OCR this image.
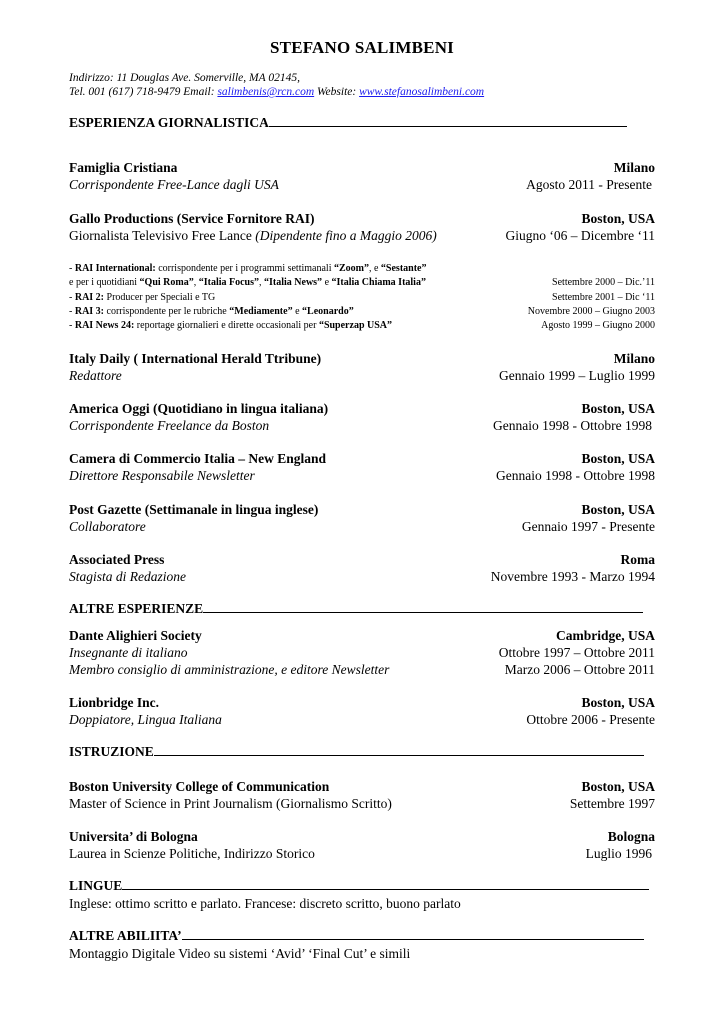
STEFANO SALIMBENI
Indirizzo: 11 Douglas Ave. Somerville, MA 02145,
Tel. 001 (617) 718-9479 Email: salimbenis@rcn.com Website: www.stefanosalimbeni.com
ESPERIENZA GIORNALISTICA
Famiglia Cristiana	Milano
Corrispondente Free-Lance dagli USA	Agosto 2011 - Presente
Gallo Productions (Service Fornitore RAI)	Boston, USA
Giornalista Televisivo Free Lance (Dipendente fino a Maggio 2006)	Giugno ‘06 – Dicembre ‘11
- RAI International: corrispondente per i programmi settimanali “Zoom”, e “Sestante”
e per i quotidiani “Qui Roma”, “Italia Focus”, “Italia News” e “Italia Chiama Italia”	Settembre 2000 – Dic.’11
- RAI 2: Producer per Speciali e TG	Settembre 2001 – Dic ‘11
- RAI 3: corrispondente per le rubriche “Mediamente” e “Leonardo”	Novembre 2000 – Giugno 2003
- RAI News 24: reportage giornalieri e dirette occasionali per “Superzap USA”	Agosto 1999 – Giugno 2000
Italy Daily ( International Herald Ttribune)	Milano
Redattore	Gennaio 1999 – Luglio 1999
America Oggi (Quotidiano in lingua italiana)	Boston, USA
Corrispondente Freelance da Boston	Gennaio 1998 - Ottobre 1998
Camera di Commercio Italia – New England	Boston, USA
Direttore Responsabile Newsletter	Gennaio 1998 - Ottobre 1998
Post Gazette (Settimanale in lingua inglese)	Boston, USA
Collaboratore	Gennaio 1997 - Presente
Associated Press	Roma
Stagista di Redazione	Novembre 1993 - Marzo 1994
ALTRE ESPERIENZE
Dante Alighieri Society	Cambridge, USA
Insegnante di italiano	Ottobre 1997 – Ottobre 2011
Membro consiglio di amministrazione, e editore Newsletter	Marzo 2006 – Ottobre 2011
Lionbridge Inc.	Boston, USA
Doppiatore, Lingua Italiana	Ottobre 2006 - Presente
ISTRUZIONE
Boston University College of Communication	Boston, USA
Master of Science in Print Journalism (Giornalismo Scritto)	Settembre 1997
Universita’ di Bologna	Bologna
Laurea in Scienze Politiche, Indirizzo Storico	Luglio 1996
LINGUE
Inglese: ottimo scritto e parlato. Francese: discreto scritto, buono parlato
ALTRE ABILIITA’
Montaggio Digitale Video su sistemi ‘Avid’ ‘Final Cut’ e simili
